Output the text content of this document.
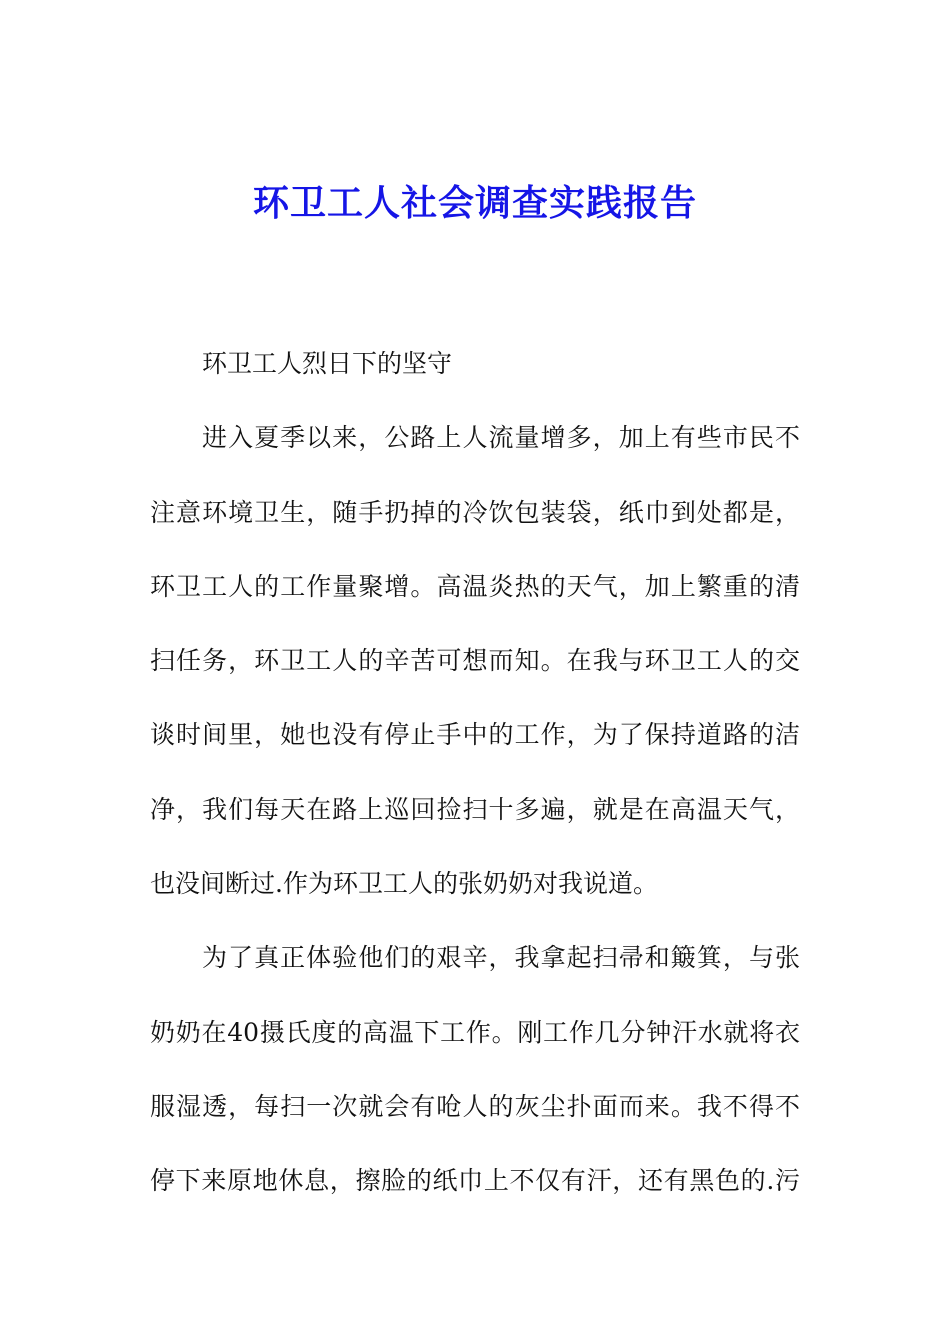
环卫工人社会调查实践报告
环卫工人烈日下的坚守
进入夏季以来，公路上人流量增多，加上有些市民不
注意环境卫生，随手扔掉的冷饮包装袋，纸巾到处都是，
环卫工人的工作量聚增。高温炎热的天气，加上繁重的清
扫任务，环卫工人的辛苦可想而知。在我与环卫工人的交
谈时间里，她也没有停止手中的工作，为了保持道路的洁
净，我们每天在路上巡回捡扫十多遍，就是在高温天气，
也没间断过.作为环卫工人的张奶奶对我说道。
为了真正体验他们的艰辛，我拿起扫帚和簸箕，与张
奶奶在40摄氏度的高温下工作。刚工作几分钟汗水就将衣
服湿透，每扫一次就会有呛人的灰尘扑面而来。我不得不
停下来原地休息，擦脸的纸巾上不仅有汗，还有黑色的.污
